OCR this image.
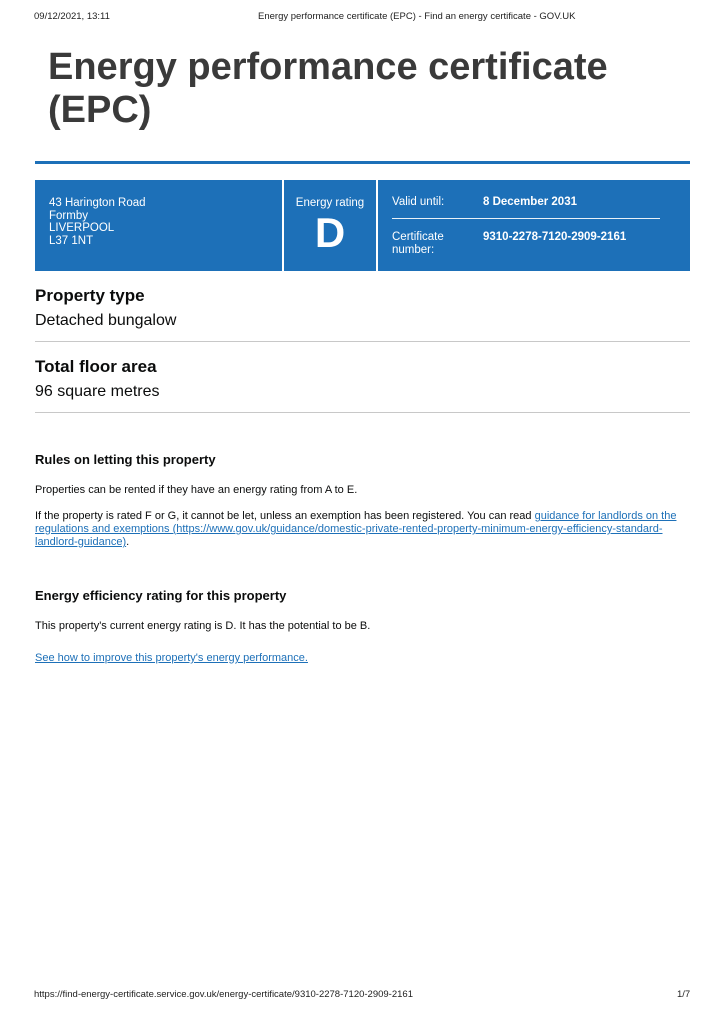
09/12/2021, 13:11	Energy performance certificate (EPC) - Find an energy certificate - GOV.UK
Energy performance certificate (EPC)
43 Harington Road
Formby
LIVERPOOL
L37 1NT
Energy rating
D
Valid until:	8 December 2031
Certificate number:
9310-2278-7120-2909-2161
Property type

Detached bungalow

Total floor area

96 square metres

Rules on letting this property

Properties can be rented if they have an energy rating from A to E.

If the property is rated F or G, it cannot be let, unless an exemption has been registered. You can read guidance for landlords on the regulations and exemptions (https://www.gov.uk/guidance/domestic-private-rented-property-minimum-energy-efficiency-standard-landlord-guidance).

Energy efficiency rating for this property

This property's current energy rating is D. It has the potential to be B.

See how to improve this property's energy performance.

https://find-energy-certificate.service.gov.uk/energy-certificate/9310-2278-7120-2909-2161	1/7
